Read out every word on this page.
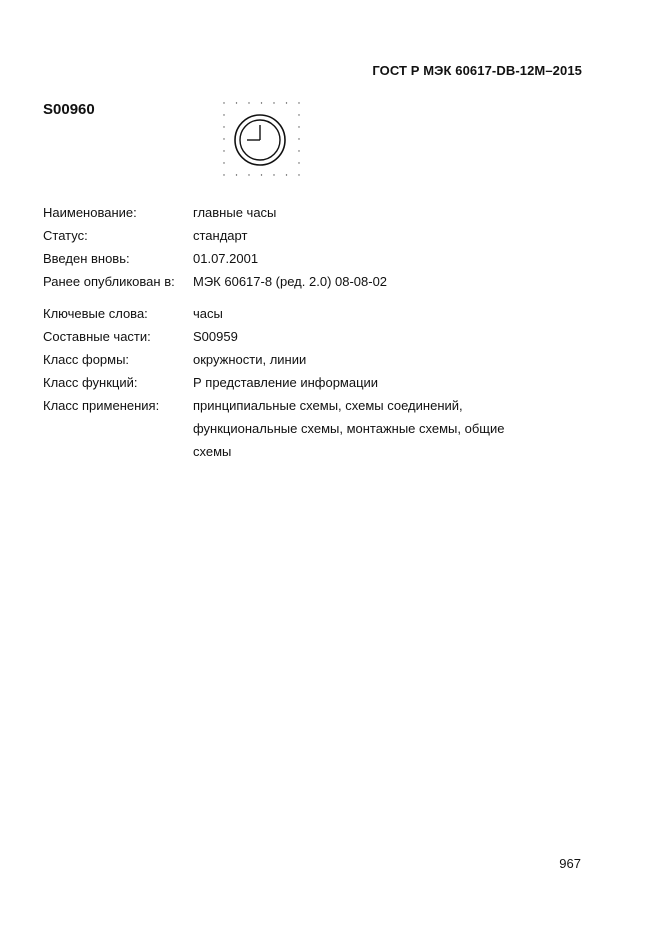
ГОСТ Р МЭК 60617-DB-12M–2015
S00960
Наименование:	главные часы
Статус:	стандарт
Введен вновь:	01.07.2001
Ранее опубликован в:	МЭК 60617-8 (ред. 2.0) 08-08-02
Ключевые слова:	часы
Составные части:	S00959
Класс формы:	окружности, линии
Класс функций:	Р представление информации
Класс применения:	принципиальные схемы, схемы соединений,
функциональные схемы, монтажные схемы, общие
схемы
967
